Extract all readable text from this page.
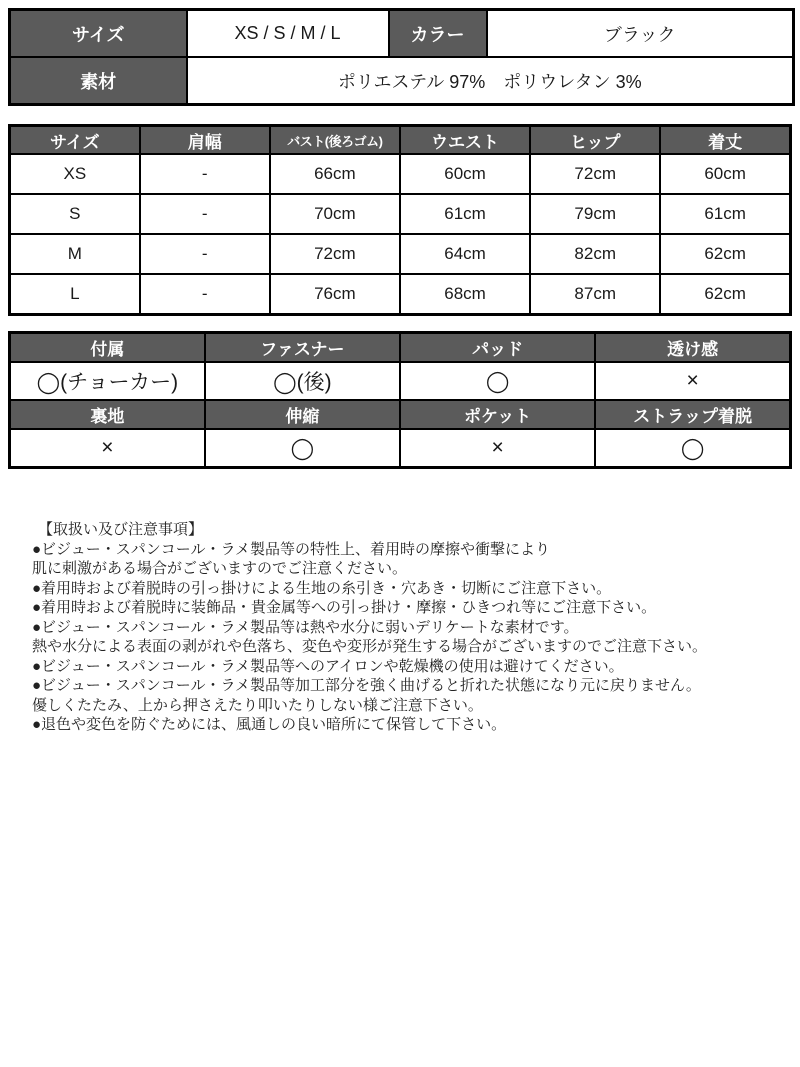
サイズ	XS / S / M / L	カラー	ブラック
素材	ポリエステル 97%　ポリウレタン 3%		
サイズ	肩幅	バスト(後ろゴム)	ウエスト	ヒップ	着丈
XS	-	66cm	60cm	72cm	60cm
S	-	70cm	61cm	79cm	61cm
M	-	72cm	64cm	82cm	62cm
L	-	76cm	68cm	87cm	62cm
付属	ファスナー	パッド	透け感
◯(チョーカー)	◯(後)	◯	×
裏地	伸縮	ポケット	ストラップ着脱
×	◯	×	◯
【取扱い及び注意事項】
●ビジュー・スパンコール・ラメ製品等の特性上、着用時の摩擦や衝撃により
肌に刺激がある場合がございますのでご注意ください。
●着用時および着脱時の引っ掛けによる生地の糸引き・穴あき・切断にご注意下さい。
●着用時および着脱時に装飾品・貴金属等への引っ掛け・摩擦・ひきつれ等にご注意下さい。
●ビジュー・スパンコール・ラメ製品等は熱や水分に弱いデリケートな素材です。
熱や水分による表面の剥がれや色落ち、変色や変形が発生する場合がございますのでご注意下さい。
●ビジュー・スパンコール・ラメ製品等へのアイロンや乾燥機の使用は避けてください。
●ビジュー・スパンコール・ラメ製品等加工部分を強く曲げると折れた状態になり元に戻りません。
優しくたたみ、上から押さえたり叩いたりしない様ご注意下さい。
●退色や変色を防ぐためには、風通しの良い暗所にて保管して下さい。
